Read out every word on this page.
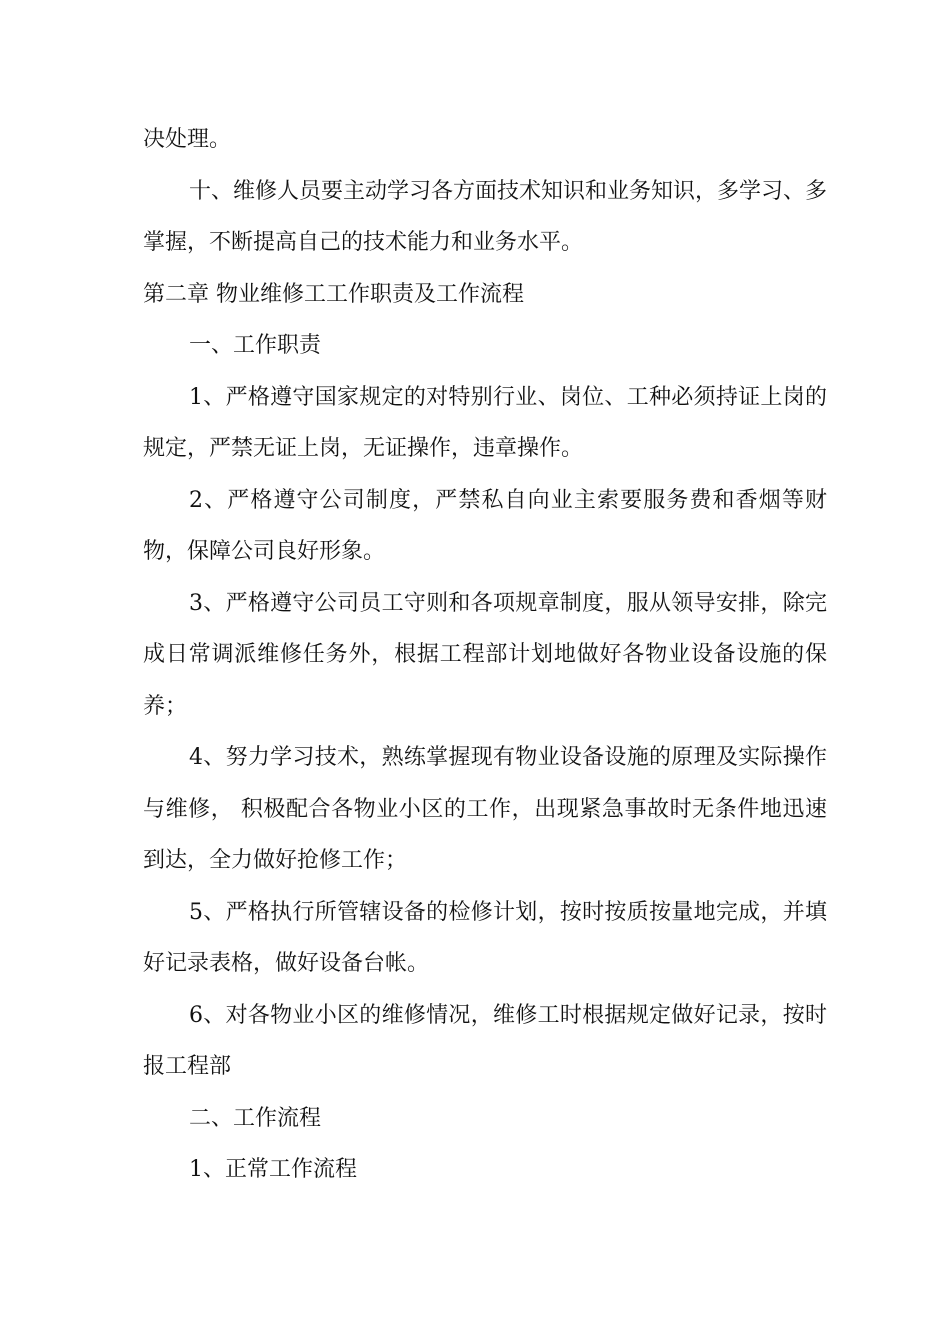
决处理。

十、维修人员要主动学习各方面技术知识和业务知识，多学习、多掌握，不断提高自己的技术能力和业务水平。

第二章 物业维修工工作职责及工作流程

一、工作职责

1、严格遵守国家规定的对特别行业、岗位、工种必须持证上岗的规定，严禁无证上岗，无证操作，违章操作。

2、严格遵守公司制度，严禁私自向业主索要服务费和香烟等财物，保障公司良好形象。

3、严格遵守公司员工守则和各项规章制度，服从领导安排，除完成日常调派维修任务外，根据工程部计划地做好各物业设备设施的保养；

4、努力学习技术，熟练掌握现有物业设备设施的原理及实际操作与维修， 积极配合各物业小区的工作，出现紧急事故时无条件地迅速到达，全力做好抢修工作；

5、严格执行所管辖设备的检修计划，按时按质按量地完成，并填好记录表格，做好设备台帐。

6、对各物业小区的维修情况，维修工时根据规定做好记录，按时报工程部

二、工作流程

1、正常工作流程
